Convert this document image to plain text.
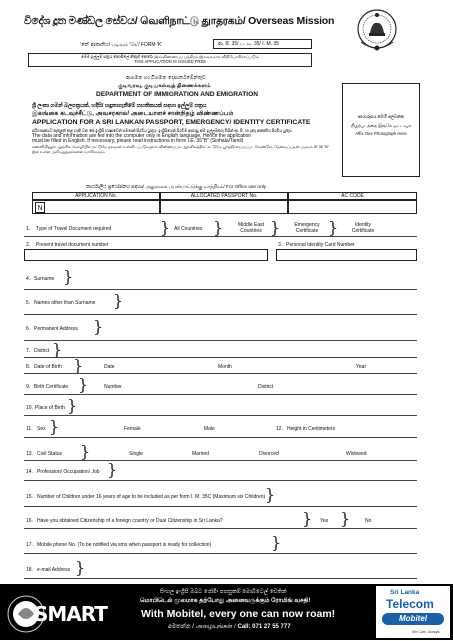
විදේශ දූත මණ්ඩල සේවය/ வெளிநாட்டு துாதரகம்/ Overseas Mission
'කේ' ආකෘතිය/ படிவம் 'கே'/ FORM 'K'	ආ. පි. 35/ ப. வ. 35/ I. M. 35
මෙම ඉල්ලුම් පත්‍රය නොමිලේ නිකුත් කෙරේ/ இவ்விண்ணப்ப பத்திரம் இலவசமாக விநியோகிக்கப்படும்
THIS APPLICATION IS ISSUED FREE
ඡායාරූපය මෙහි අලවන්න
நிழற்படத்தை இங்கே ஒட்டவும்
Affix One Photograph Here
ආගමන හා විගමන දෙපාර්තමේන්තුව
குடிவரவு, குடியகல்வுத் திணைக்களம்
DEPARTMENT OF IMMIGRATION AND EMIGRATION
ශ්‍රී ලංකා ගමන් බලපත්‍රයක්, හදිසි/ හඳුනාගැනීමේ සහතිකයක් සඳහා ඉල්ලුම් පත්‍රය
இலங்கை கடவுச்சீட்டு, அவசரகால/ அடையாளச் சான்றிதழ் விண்ணப்பம்
APPLICATION FOR A SRI LANKAN PASSPORT, EMERGENCY/ IDENTITY CERTIFICATE
පරිගණකයට ඇතුළත් කළ හැකි වන සේ ඉංග්‍රීසි භාෂාවෙන් පමණක් පිරවිය යුතුය. ඉංග්‍රීසියෙන් පිරවීම අපහසු නම් ඉල්ලුම්කරු විසින් ආ. පි. 35 (ආ) ආකෘතිය පිරවිය යුතුය.
The data and information are fed into the computer only in English language. Hence the application
must be filled in English. If necessary, please read instructions in form I.E. 35"B" (Sinhala/Tamil)
கணனியினுள் ஆங்கில மொழியில் மட்டுமே தரவுகள் உள்ளிடப்படுவதால் விண்ணப்பம் ஆங்கிலத்தில் மட்டுமே பூர்த்திசெய்யப்பட வேண்டும். தேவைப்படின் படிவம் IE 35 "B" இல் உள்ள அறிவுறுத்தல்களை வாசிக்கவும்.
කාර්යාලීය ප්‍රයෝජනය සඳහා/ அலுவலக பயன்பாட்டுக்கு மாத்திரம்/ For Office use only
APPLICATION No.	ALLOCATED PASSPORT No.	AC CODE
N
1. Type of Travel Document required	} All Countries }	Middle East Countries }	Emergency Certificate }	Identity Certificate
2. Present travel document number	3. Personal Identity Card Number
4. Surname }
5. Names other than Surname }
6. Permanent Address }
7. District }
8. Date of Birth }	Date	Month	Year
9. Birth Certificate }	Number	District
10. Place of Birth }
11. Sex }	Female	Male	12. Height in Centimeters
13. Civil Status }	Single	Married	Divorced	Widowed
14. Profession/ Occupation/ Job }
15. Number of Children under 16 years of age to be included as per form I. M. 35C (Maximum six Children) }
16. Have you obtained Citizenship of a foreign country or Dual Citizenship in Sri Lanka?	} Yes }	No
17. Mobile phone No. (To be notified via sms when passport is ready for collection)	}
18. e-mail Address }
SMART
සිංහල ඉංග්‍රීසි ඔබට රෝමිං පහසුකම් මොබිටෙල් වෙතින්
மொபிடெல் மூலமாக தற்போது அனைவருக்கும் ரோமிங் வசதி!
With Mobitel, every one can now roam!
අමතන්න / அழையுங்கள் / Call: 071 27 55 777
Sri Lanka
Telecom
Mobitel
We Care. Always.
